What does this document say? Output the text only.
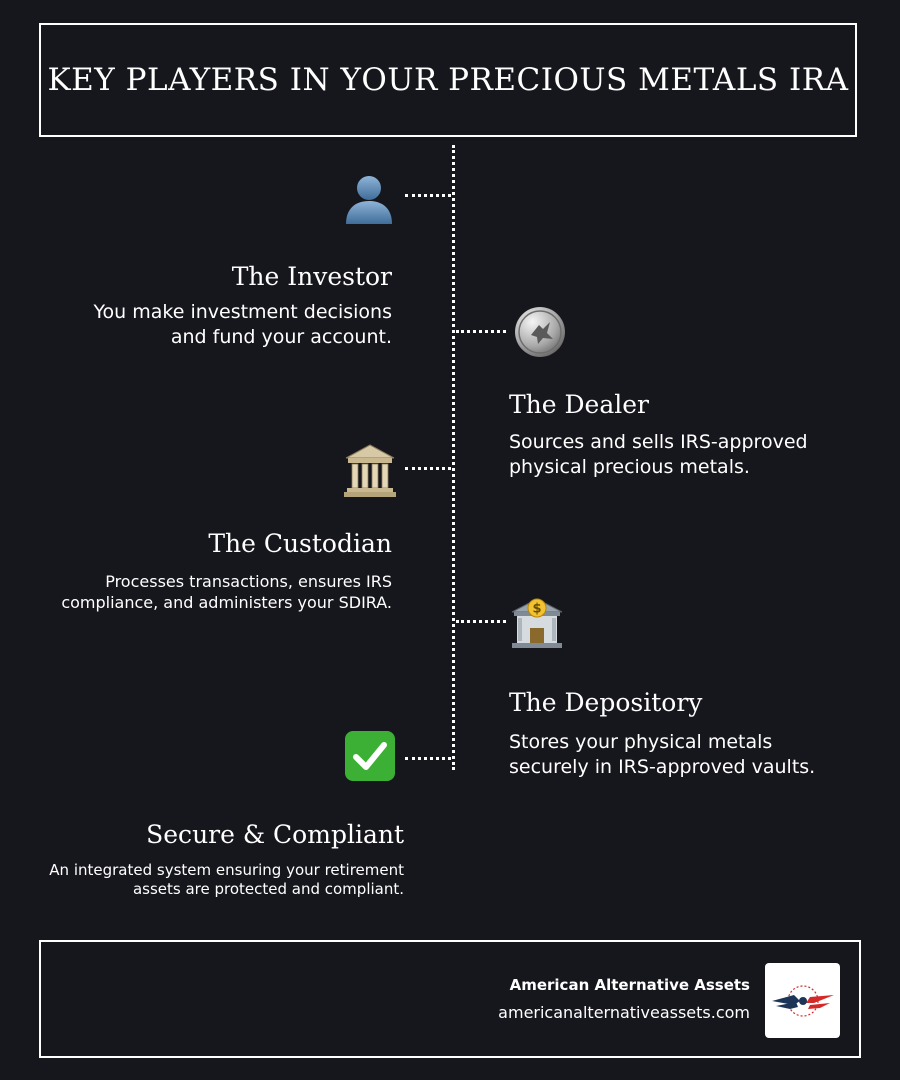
KEY PLAYERS IN YOUR PRECIOUS METALS IRA
The Investor
You make investment decisions
and fund your account.
The Dealer
Sources and sells IRS-approved
physical precious metals.
The Custodian
Processes transactions, ensures IRS
compliance, and administers your SDIRA.	$
The Depository
Stores your physical metals
securely in IRS-approved vaults.
Secure & Compliant
An integrated system ensuring your retirement
assets are protected and compliant.
American Alternative Assets
americanalternativeassets.com
